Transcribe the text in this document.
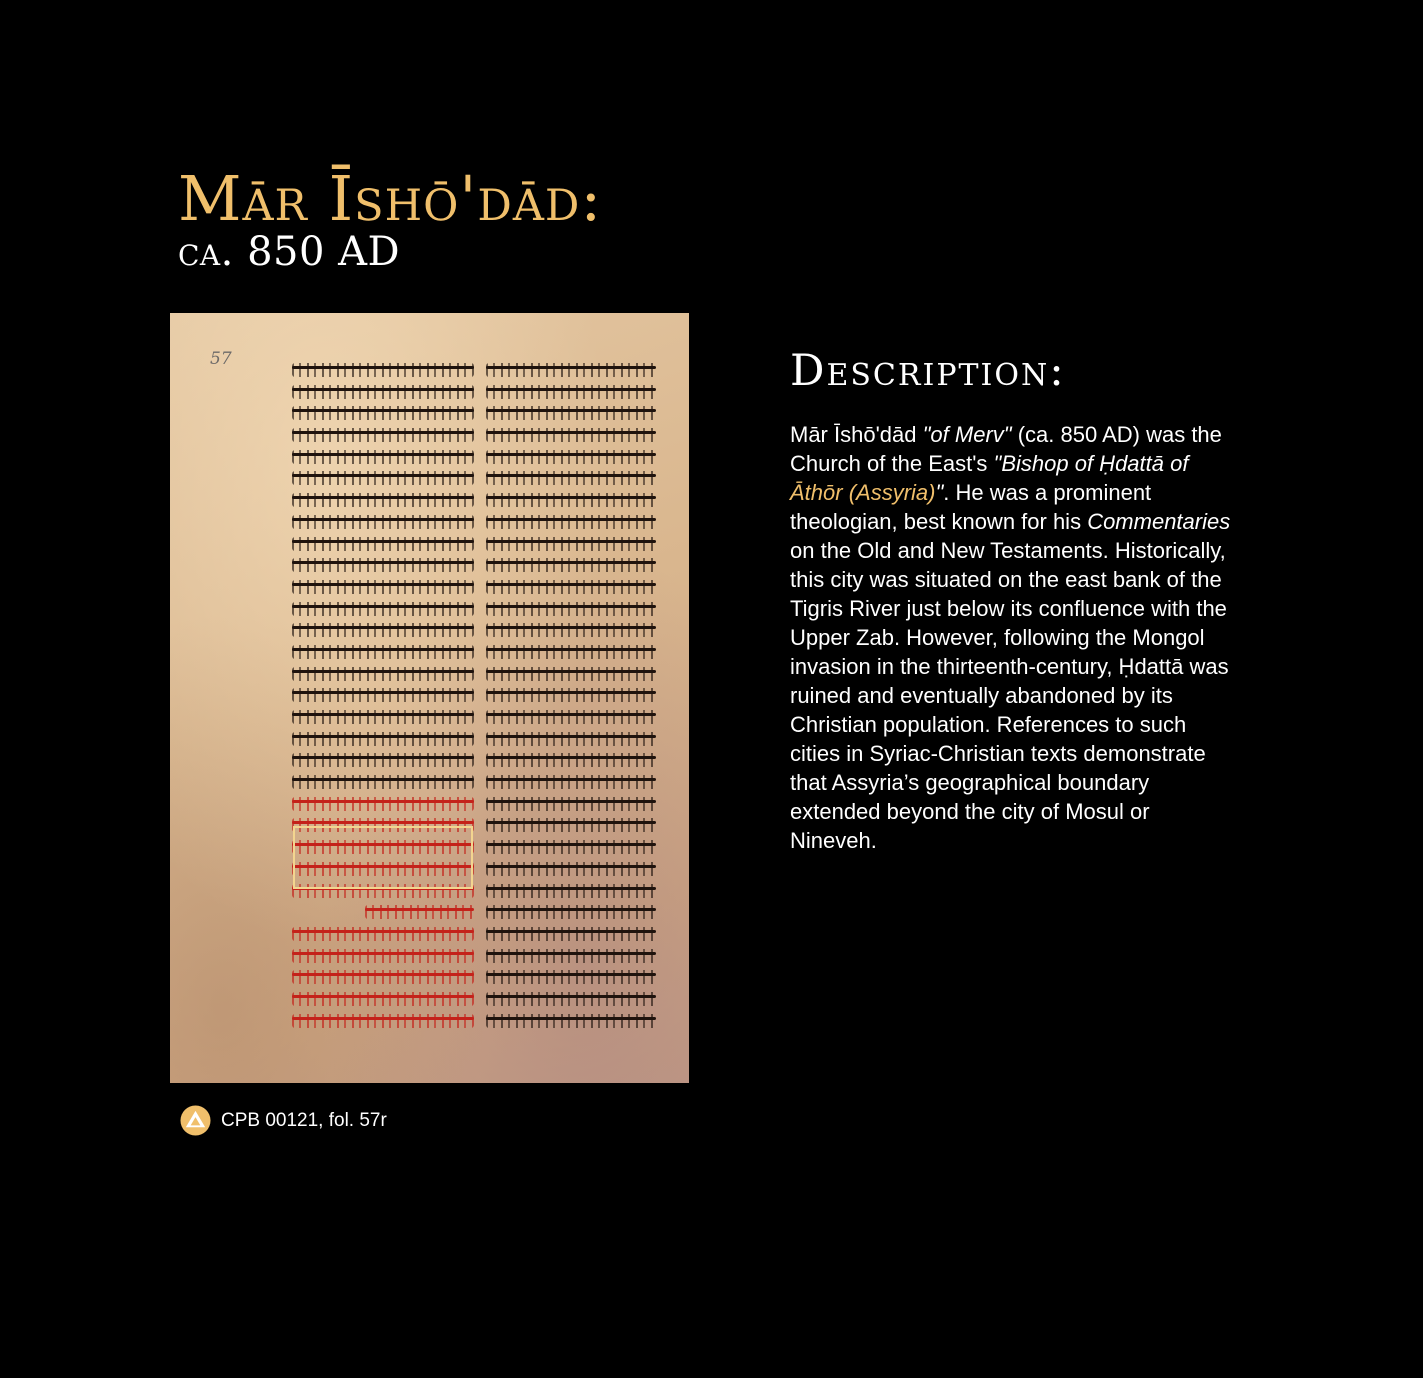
Mār Īshō'dād:
ca. 850 AD
57
CPB 00121, fol. 57r
Description:

Mār Īshō'dād "of Merv" (ca. 850 AD) was the Church of the East's "Bishop of Ḥdattā of Āthōr (Assyria)". He was a prominent theologian, best known for his Commentaries on the Old and New Testaments. Historically, this city was situated on the east bank of the Tigris River just below its confluence with the Upper Zab. However, following the Mongol invasion in the thirteenth-century, Ḥdattā was ruined and eventually abandoned by its Christian population. References to such cities in Syriac-Christian texts demonstrate that Assyria’s geographical boundary extended beyond the city of Mosul or Nineveh.
